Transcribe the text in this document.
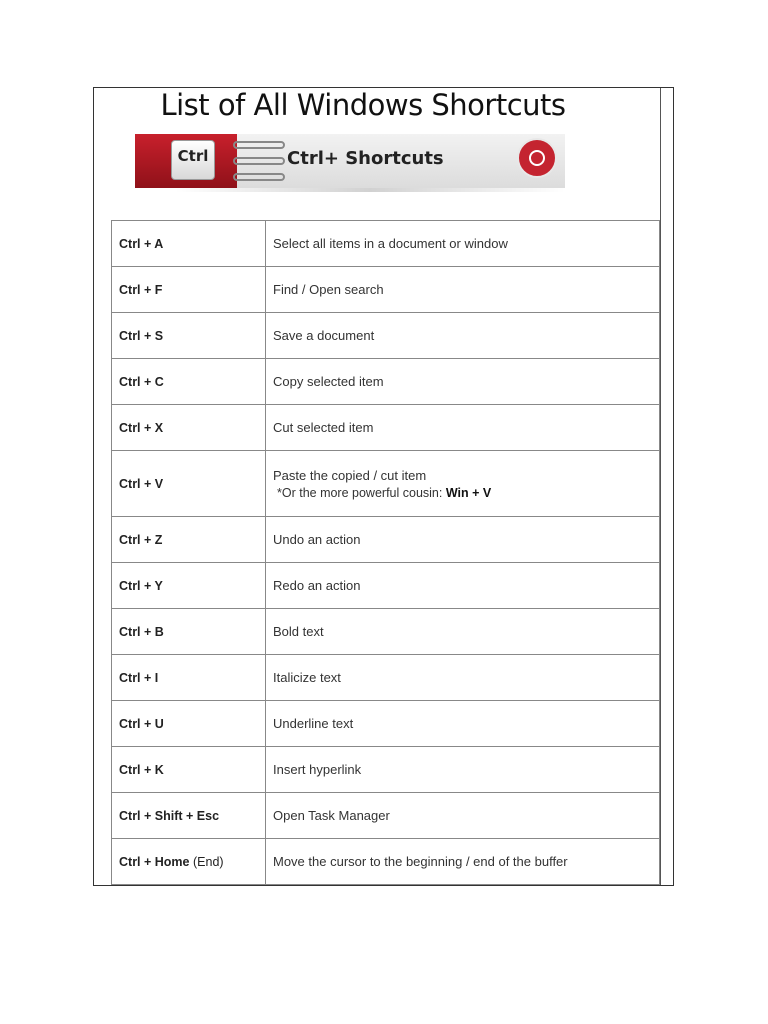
List of All Windows Shortcuts
Ctrl	Ctrl+ Shortcuts
Ctrl + A	Select all items in a document or window

Ctrl + F	Find / Open search

Ctrl + S	Save a document

Ctrl + C	Copy selected item

Ctrl + X	Cut selected item

Ctrl + V	Paste the copied / cut item
*Or the more powerful cousin: Win + V

Ctrl + Z	Undo an action

Ctrl + Y	Redo an action

Ctrl + B	Bold text

Ctrl + I	Italicize text

Ctrl + U	Underline text

Ctrl + K	Insert hyperlink

Ctrl + Shift + Esc	Open Task Manager

Ctrl + Home (End)	Move the cursor to the beginning / end of the buffer
